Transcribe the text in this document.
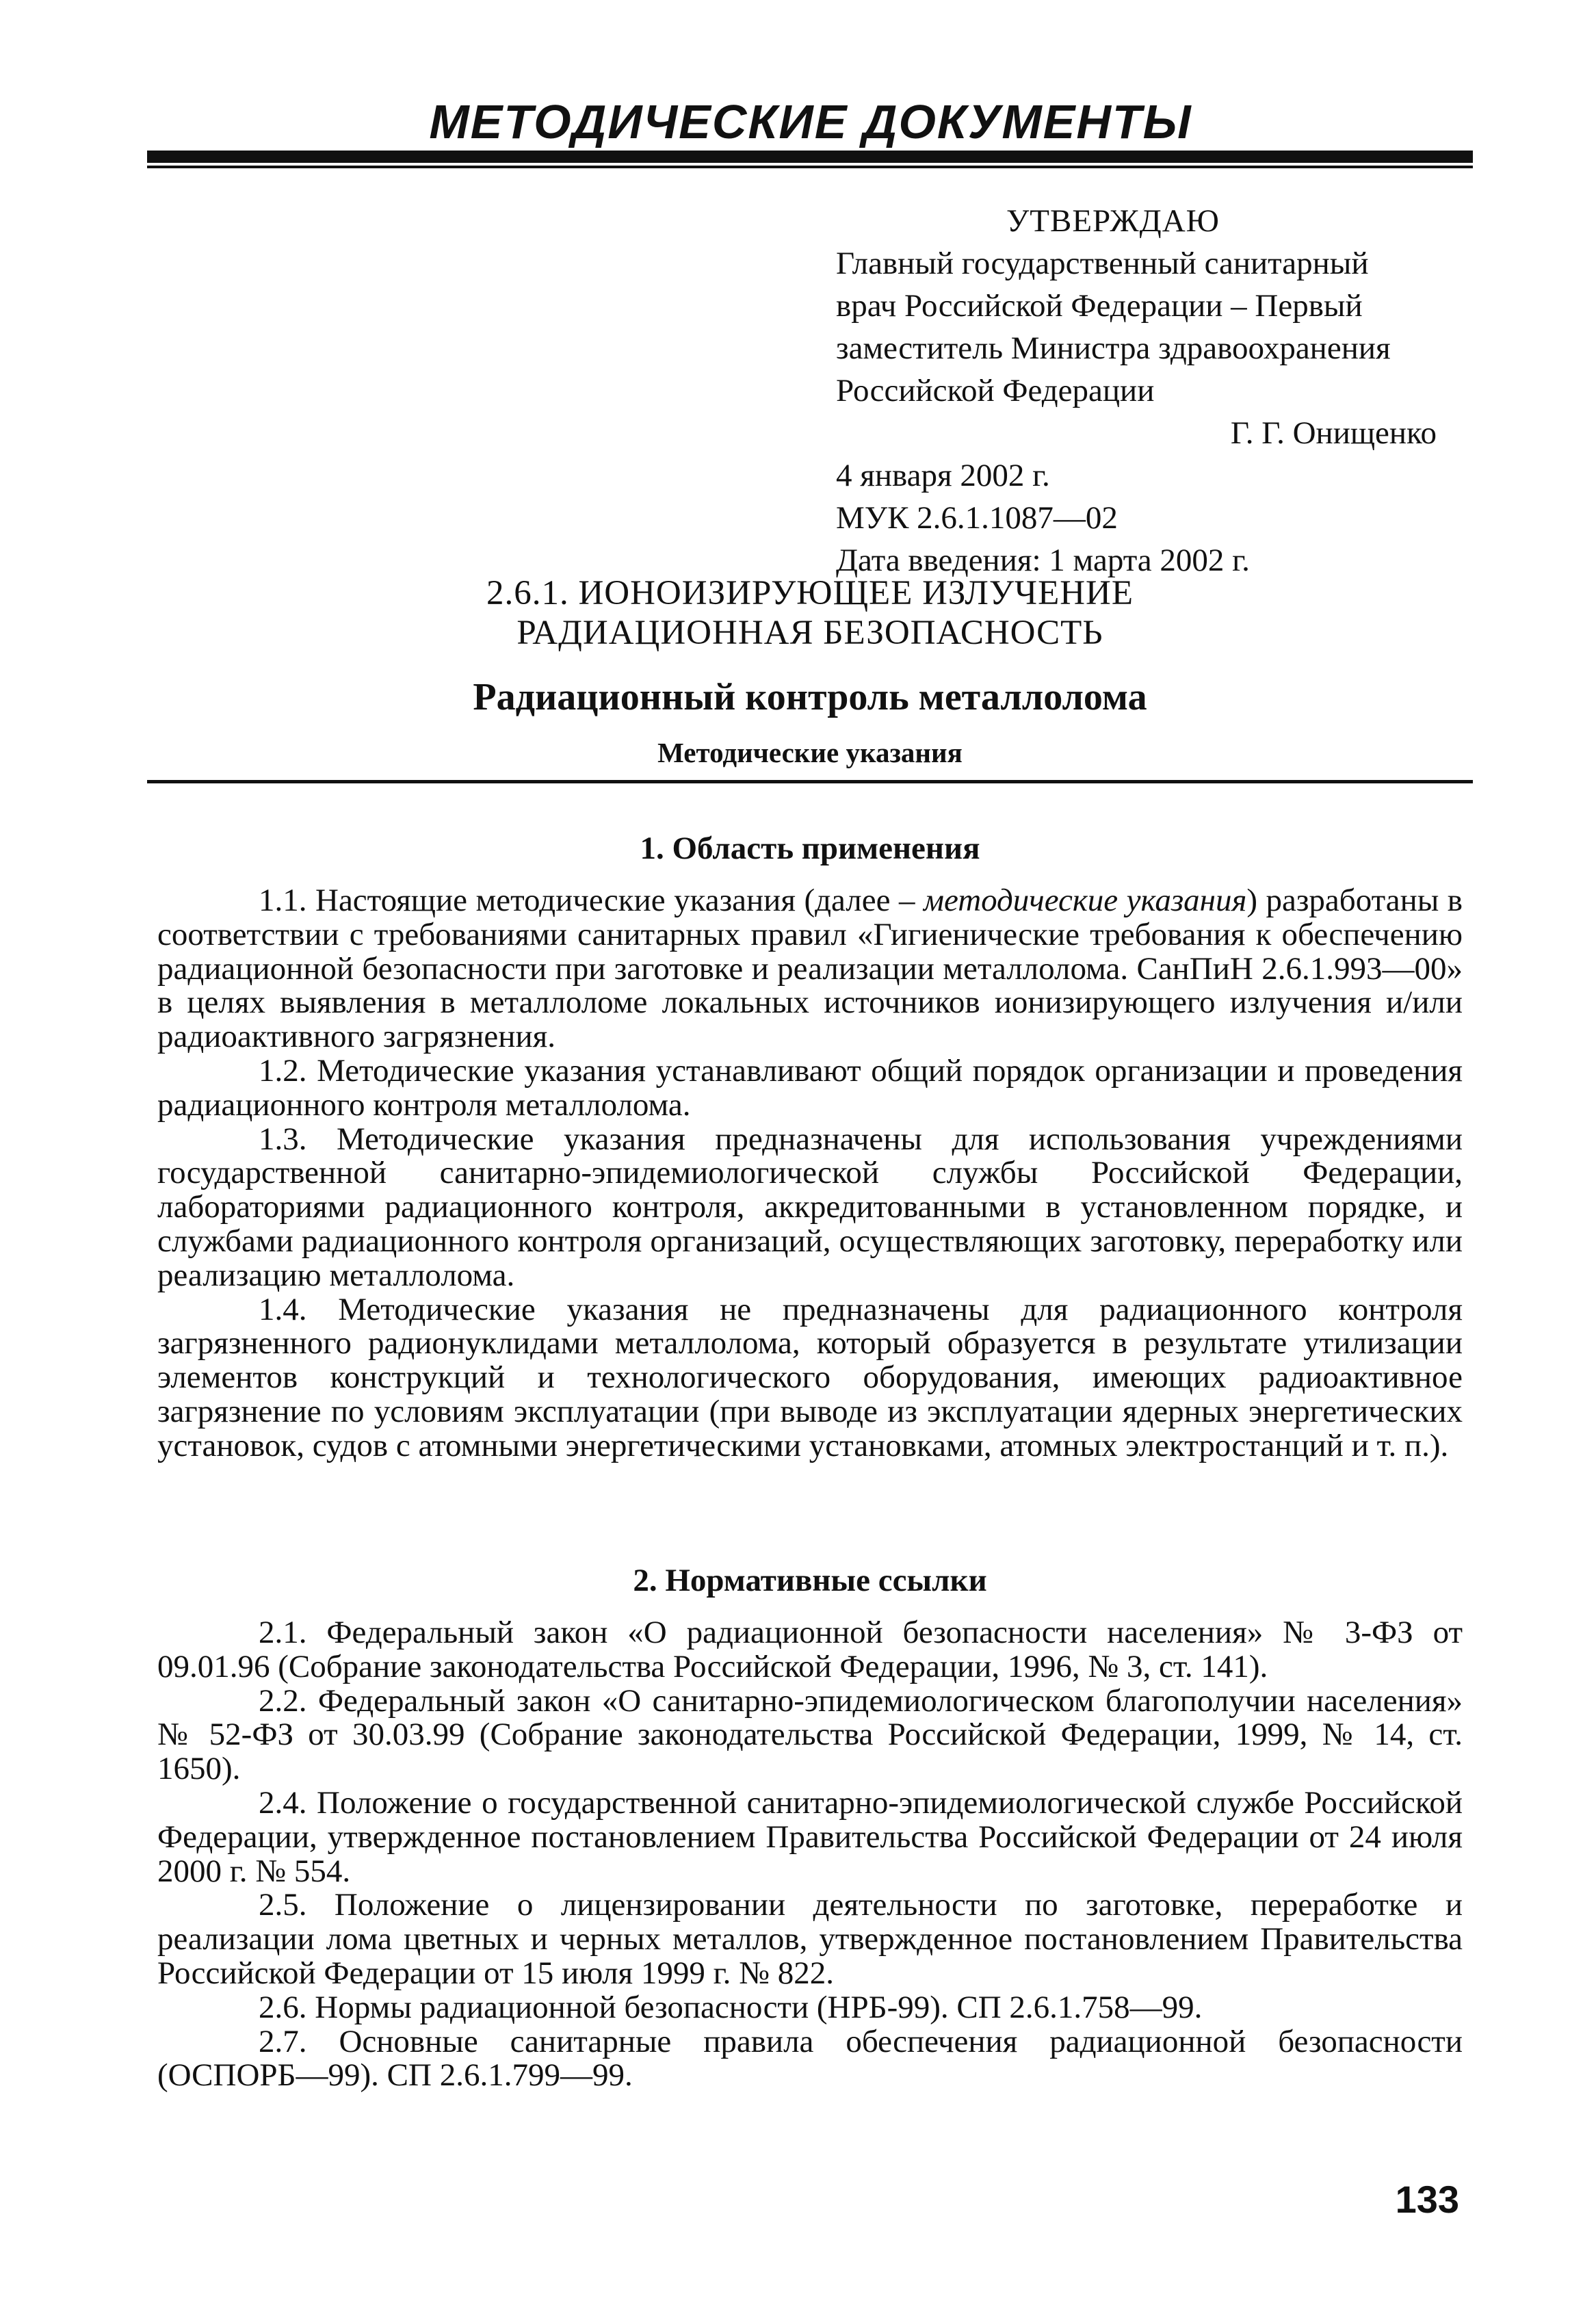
МЕТОДИЧЕСКИЕ ДОКУМЕНТЫ
УТВЕРЖДАЮ
Главный государственный санитарный
врач Российской Федерации – Первый
заместитель Министра здравоохранения
Российской Федерации
Г. Г. Онищенко
4 января 2002 г.
МУК 2.6.1.1087—02
Дата введения: 1 марта 2002 г.
2.6.1. ИОНОИЗИРУЮЩЕЕ ИЗЛУЧЕНИЕ
РАДИАЦИОННАЯ БЕЗОПАСНОСТЬ
Радиационный контроль металлолома
Методические указания
1. Область применения

1.1. Настоящие методические указания (далее – методические указания) разработаны в соответствии с требованиями санитарных правил «Гигиенические требования к обеспечению радиационной безопасности при заготовке и реализации металлолома. СанПиН 2.6.1.993—00» в целях выявления в металлоломе локальных источников ионизирующего излучения и/или радиоактивного загрязнения.

1.2. Методические указания устанавливают общий порядок организации и проведения радиационного контроля металлолома.

1.3. Методические указания предназначены для использования учреждениями государственной санитарно-эпидемиологической службы Российской Федерации, лабораториями радиационного контроля, аккредитованными в установленном порядке, и службами радиационного контроля организаций, осуществляющих заготовку, переработку или реализацию металлолома.

1.4. Методические указания не предназначены для радиационного контроля загрязненного радионуклидами металлолома, который образуется в результате утилизации элементов конструкций и технологического оборудования, имеющих радиоактивное загрязнение по условиям эксплуатации (при выводе из эксплуатации ядерных энергетических установок, судов с атомными энергетическими установками, атомных электростанций и т. п.).

2. Нормативные ссылки

2.1. Федеральный закон «О радиационной безопасности населения» № 3-ФЗ от 09.01.96 (Собрание законодательства Российской Федерации, 1996, № 3, ст. 141).

2.2. Федеральный закон «О санитарно-эпидемиологическом благополучии населения» № 52-ФЗ от 30.03.99 (Собрание законодательства Российской Федерации, 1999, № 14, ст. 1650).

2.4. Положение о государственной санитарно-эпидемиологической службе Российской Федерации, утвержденное постановлением Правительства Российской Федерации от 24 июля 2000 г. № 554.

2.5. Положение о лицензировании деятельности по заготовке, переработке и реализации лома цветных и черных металлов, утвержденное постановлением Правительства Российской Федерации от 15 июля 1999 г. № 822.

2.6. Нормы радиационной безопасности (НРБ-99). СП 2.6.1.758—99.

2.7. Основные санитарные правила обеспечения радиационной безопасности (ОСПОРБ—99). СП 2.6.1.799—99.

133
